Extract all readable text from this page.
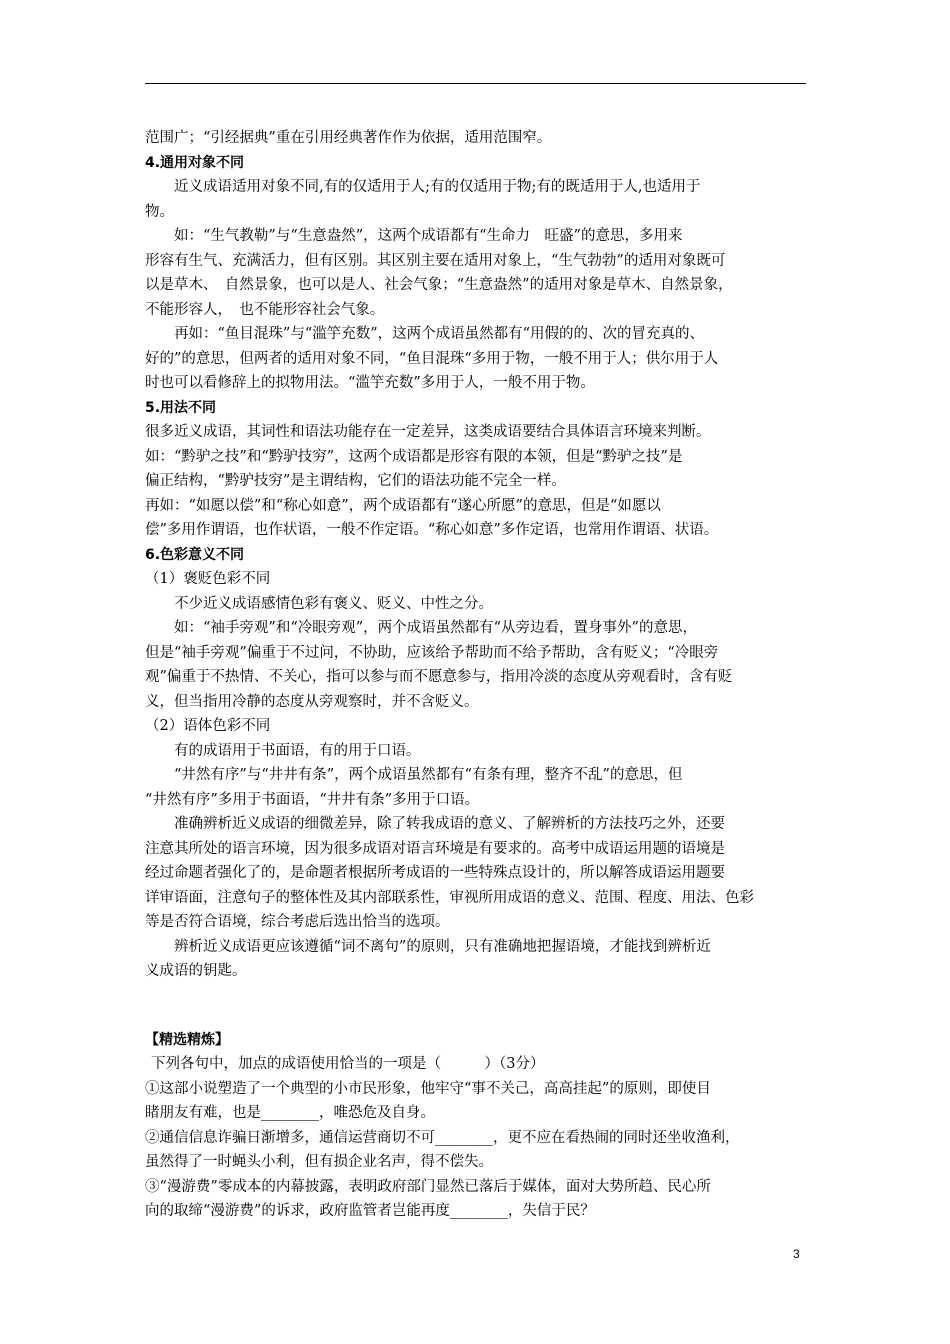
范围广；“引经据典”重在引用经典著作作为依据，适用范围窄。
4.通用对象不同
近义成语适用对象不同,有的仅适用于人;有的仅适用于物;有的既适用于人,也适用于
物。
如：“生气教勒”与“生意盎然”，这两个成语都有“生命力　旺盛”的意思，多用来
形容有生气、充满活力，但有区别。其区别主要在适用对象上，“生气勃勃”的适用对象既可
以是草木、　自然景象，也可以是人、社会气象；“生意盎然”的适用对象是草木、自然景象，
不能形容人，　也不能形容社会气象。
再如：“鱼目混珠”与“滥竽充数”，这两个成语虽然都有“用假的的、次的冒充真的、
好的”的意思，但两者的适用对象不同，“鱼目混珠“多用于物，一般不用于人；供尔用于人
时也可以看修辞上的拟物用法。“滥竽充数”多用于人，一般不用于物。
5.用法不同
很多近义成语，其词性和语法功能存在一定差异，这类成语要结合具体语言环境来判断。
如：“黔驴之技”和“黔驴技穷”，这两个成语都是形容有限的本领，但是“黔驴之技”是
偏正结构，“黔驴技穷”是主谓结构，它们的语法功能不完全一样。
再如：“如愿以偿”和“称心如意”，两个成语都有“遂心所愿”的意思，但是“如愿以
偿”多用作谓语，也作状语，一般不作定语。“称心如意”多作定语，也常用作谓语、状语。
6.色彩意义不同
（1）褒贬色彩不同
不少近义成语感情色彩有褒义、贬义、中性之分。
如：“袖手旁观”和“冷眼旁观”，两个成语虽然都有“从旁边看，置身事外”的意思，
但是“袖手旁观”偏重于不过问，不协助，应该给予帮助而不给予帮助，含有贬义；“冷眼旁
观”偏重于不热情、不关心，指可以参与而不愿意参与，指用冷淡的态度从旁观看时，含有贬
义，但当指用冷静的态度从旁观察时，并不含贬义。
（2）语体色彩不同
有的成语用于书面语，有的用于口语。
“井然有序”与“井井有条”，两个成语虽然都有“有条有理，整齐不乱”的意思，但
“井然有序”多用于书面语，“井井有条”多用于口语。
准确辨析近义成语的细微差异，除了转我成语的意义、了解辨析的方法技巧之外，还要
注意其所处的语言环境，因为很多成语对语言环境是有要求的。高考中成语运用题的语境是
经过命题者强化了的，是命题者根据所考成语的一些特殊点设计的，所以解答成语运用题要
详审语面，注意句子的整体性及其内部联系性，审视所用成语的意义、范围、程度、用法、色彩
等是否符合语境，综合考虑后选出恰当的选项。
辨析近义成语更应该遵循“词不离句”的原则，只有准确地把握语境，才能找到辨析近
义成语的钥匙。
【精选精炼】
下列各句中，加点的成语使用恰当的一项是（　　　）（3分）
①这部小说塑造了一个典型的小市民形象，他牢守“事不关己，高高挂起”的原则，即使目
睹朋友有难，也是________，唯恐危及自身。
②通信信息诈骗日渐增多，通信运营商切不可________，更不应在看热闹的同时还坐收渔利，
虽然得了一时蝇头小利，但有损企业名声，得不偿失。
③“漫游费”零成本的内幕披露，表明政府部门显然已落后于媒体，面对大势所趋、民心所
向的取缔“漫游费”的诉求，政府监管者岂能再度________，失信于民？
3
